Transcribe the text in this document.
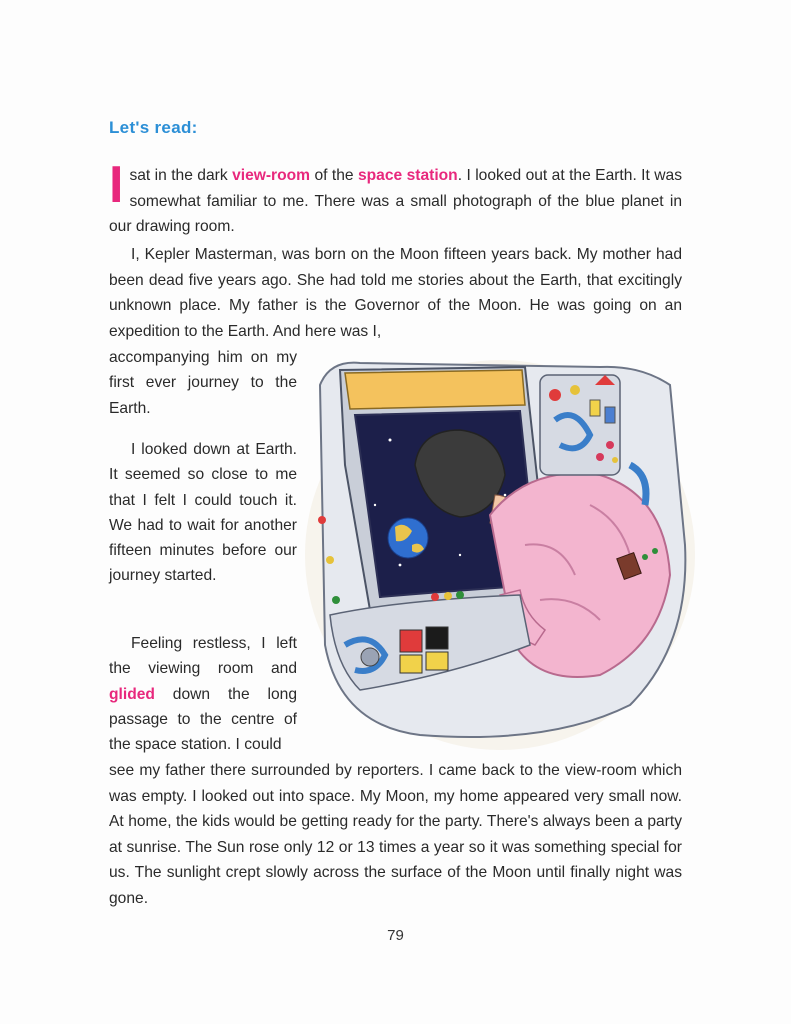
Let's read:

I sat in the dark view-room of the space station. I looked out at the Earth. It was somewhat familiar to me. There was a small photograph of the blue planet in our drawing room.

I, Kepler Masterman, was born on the Moon fifteen years back. My mother had been dead five years ago. She had told me stories about the Earth, that excitingly unknown place. My father is the Governor of the Moon. He was going on an expedition to the Earth. And here was I,

accompanying him on my first ever journey to the Earth.

I looked down at Earth. It seemed so close to me that I felt I could touch it. We had to wait for another fifteen minutes before our journey started.

Feeling restless, I left the viewing room and glided down the long passage to the centre of the space station. I could

see my father there surrounded by reporters. I came back to the view-room which was empty. I looked out into space. My Moon, my home appeared very small now. At home, the kids would be getting ready for the party. There's always been a party at sunrise. The Sun rose only 12 or 13 times a year so it was something special for us. The sunlight crept slowly across the surface of the Moon until finally night was gone.

79
